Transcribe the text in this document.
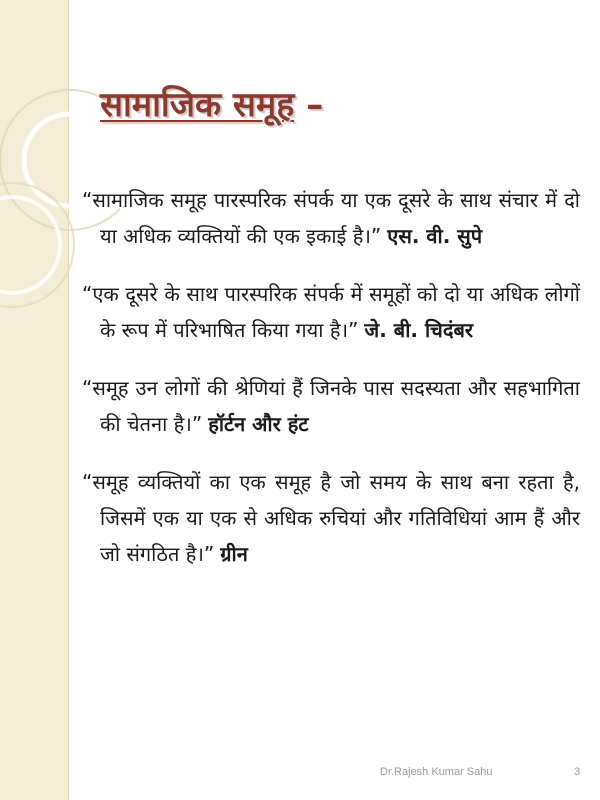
सामाजिक समूह –

“सामाजिक समूह पारस्परिक संपर्क या एक दूसरे के साथ संचार में दो या अधिक व्यक्तियों की एक इकाई है।” एस. वी. सुपे

“एक दूसरे के साथ पारस्परिक संपर्क में समूहों को दो या अधिक लोगों के रूप में परिभाषित किया गया है।” जे. बी. चिदंबर

“समूह उन लोगों की श्रेणियां हैं जिनके पास सदस्यता और सहभागिता की चेतना है।” हॉर्टन और हंट

“समूह व्यक्तियों का एक समूह है जो समय के साथ बना रहता है, जिसमें एक या एक से अधिक रुचियां और गतिविधियां आम हैं और जो संगठित है।” ग्रीन

Dr.Rajesh Kumar Sahu	3
